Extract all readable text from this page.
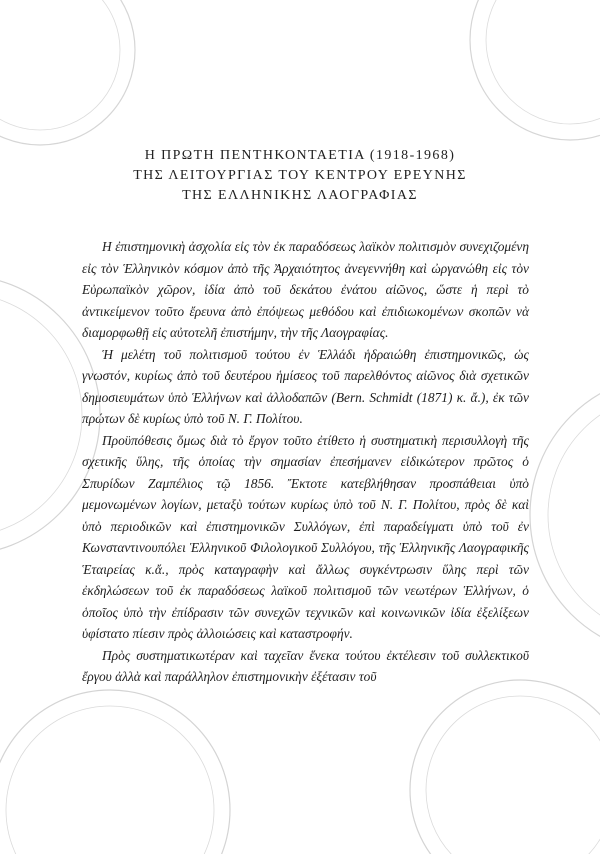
Η ΠΡΩΤΗ ΠΕΝΤΗΚΟΝΤΑΕΤΙΑ (1918-1968)
ΤΗΣ ΛΕΙΤΟΥΡΓΙΑΣ ΤΟΥ ΚΕΝΤΡΟΥ ΕΡΕΥΝΗΣ
ΤΗΣ ΕΛΛΗΝΙΚΗΣ ΛΑΟΓΡΑΦΙΑΣ

Η ἐπιστημονικὴ ἀσχολία εἰς τὸν ἐκ παραδόσεως λαϊκὸν πολιτισμὸν συνεχιζομένη εἰς τὸν Ἑλληνικὸν κόσμον ἀπὸ τῆς Ἀρχαιότητος ἀνεγεννήθη καὶ ὠργανώθη εἰς τὸν Εὐρωπαϊκὸν χῶρον, ἰδία ἀπὸ τοῦ δεκάτου ἐνάτου αἰῶνος, ὥστε ἡ περὶ τὸ ἀντικείμενον τοῦτο ἔρευνα ἀπὸ ἐπόψεως μεθόδου καὶ ἐπιδιωκομένων σκοπῶν νὰ διαμορφωθῇ εἰς αὐτοτελῆ ἐπιστήμην, τὴν τῆς Λαογραφίας.

Ἡ μελέτη τοῦ πολιτισμοῦ τούτου ἐν Ἑλλάδι ἡδραιώθη ἐπιστημονικῶς, ὡς γνωστόν, κυρίως ἀπὸ τοῦ δευτέρου ἡμίσεος τοῦ παρελθόντος αἰῶνος διὰ σχετικῶν δημοσιευμάτων ὑπὸ Ἑλλήνων καὶ ἀλλοδαπῶν (Bern. Schmidt (1871) κ. ἄ.), ἐκ τῶν πρώτων δὲ κυρίως ὑπὸ τοῦ Ν. Γ. Πολίτου.

Προϋπόθεσις ὅμως διὰ τὸ ἔργον τοῦτο ἐτίθετο ἡ συστηματικὴ περισυλλογὴ τῆς σχετικῆς ὕλης, τῆς ὁποίας τὴν σημασίαν ἐπεσήμανεν εἰδικώτερον πρῶτος ὁ Σπυρίδων Ζαμπέλιος τῷ 1856. Ἔκτοτε κατεβλήθησαν προσπάθειαι ὑπὸ μεμονωμένων λογίων, μεταξὺ τούτων κυρίως ὑπὸ τοῦ Ν. Γ. Πολίτου, πρὸς δὲ καὶ ὑπὸ περιοδικῶν καὶ ἐπιστημονικῶν Συλλόγων, ἐπὶ παραδείγματι ὑπὸ τοῦ ἐν Κωνσταντινουπόλει Ἑλληνικοῦ Φιλολογικοῦ Συλλόγου, τῆς Ἑλληνικῆς Λαογραφικῆς Ἑταιρείας κ.ἄ., πρὸς καταγραφὴν καὶ ἄλλως συγκέντρωσιν ὕλης περὶ τῶν ἐκδηλώσεων τοῦ ἐκ παραδόσεως λαϊκοῦ πολιτισμοῦ τῶν νεωτέρων Ἑλλήνων, ὁ ὁποῖος ὑπὸ τὴν ἐπίδρασιν τῶν συνεχῶν τεχνικῶν καὶ κοινωνικῶν ἰδία ἐξελίξεων ὑφίστατο πίεσιν πρὸς ἀλλοιώσεις καὶ καταστροφήν.

Πρὸς συστηματικωτέραν καὶ ταχεῖαν ἕνεκα τούτου ἐκτέλεσιν τοῦ συλλεκτικοῦ ἔργου ἀλλὰ καὶ παράλληλον ἐπιστημονικὴν ἐξέτασιν τοῦ
